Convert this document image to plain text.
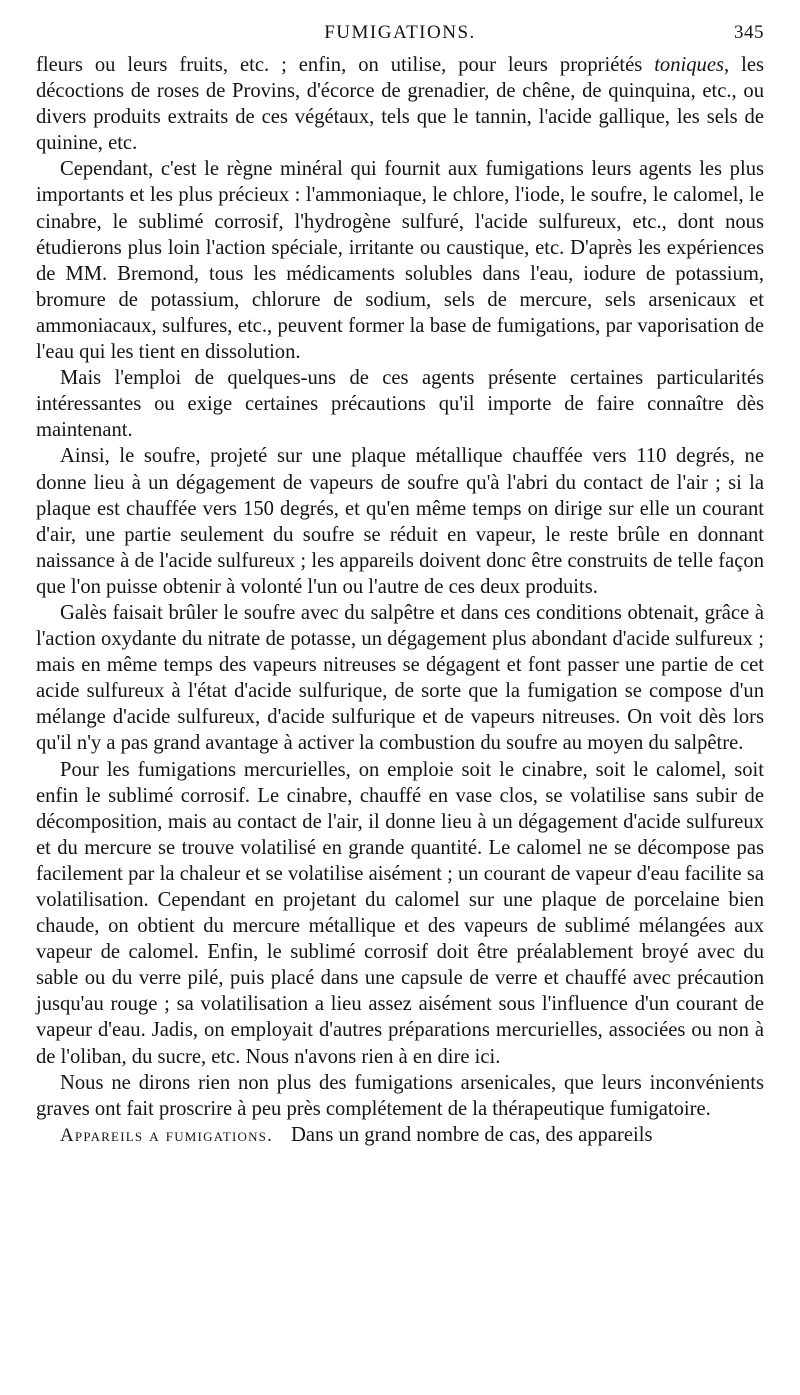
FUMIGATIONS.	345

fleurs ou leurs fruits, etc. ; enfin, on utilise, pour leurs propriétés toniques, les décoctions de roses de Provins, d'écorce de grenadier, de chêne, de quinquina, etc., ou divers produits extraits de ces végétaux, tels que le tannin, l'acide gallique, les sels de quinine, etc.

Cependant, c'est le règne minéral qui fournit aux fumigations leurs agents les plus importants et les plus précieux : l'ammoniaque, le chlore, l'iode, le soufre, le calomel, le cinabre, le sublimé corrosif, l'hydrogène sulfuré, l'acide sulfureux, etc., dont nous étudierons plus loin l'action spéciale, irritante ou caustique, etc. D'après les expériences de MM. Bremond, tous les médicaments solubles dans l'eau, iodure de potassium, bromure de potassium, chlorure de sodium, sels de mercure, sels arsenicaux et ammoniacaux, sulfures, etc., peuvent former la base de fumigations, par vaporisation de l'eau qui les tient en dissolution.

Mais l'emploi de quelques-uns de ces agents présente certaines particularités intéressantes ou exige certaines précautions qu'il importe de faire connaître dès maintenant.

Ainsi, le soufre, projeté sur une plaque métallique chauffée vers 110 degrés, ne donne lieu à un dégagement de vapeurs de soufre qu'à l'abri du contact de l'air ; si la plaque est chauffée vers 150 degrés, et qu'en même temps on dirige sur elle un courant d'air, une partie seulement du soufre se réduit en vapeur, le reste brûle en donnant naissance à de l'acide sulfureux ; les appareils doivent donc être construits de telle façon que l'on puisse obtenir à volonté l'un ou l'autre de ces deux produits.

Galès faisait brûler le soufre avec du salpêtre et dans ces conditions obtenait, grâce à l'action oxydante du nitrate de potasse, un dégagement plus abondant d'acide sulfureux ; mais en même temps des vapeurs nitreuses se dégagent et font passer une partie de cet acide sulfureux à l'état d'acide sulfurique, de sorte que la fumigation se compose d'un mélange d'acide sulfureux, d'acide sulfurique et de vapeurs nitreuses. On voit dès lors qu'il n'y a pas grand avantage à activer la combustion du soufre au moyen du salpêtre.

Pour les fumigations mercurielles, on emploie soit le cinabre, soit le calomel, soit enfin le sublimé corrosif. Le cinabre, chauffé en vase clos, se volatilise sans subir de décomposition, mais au contact de l'air, il donne lieu à un dégagement d'acide sulfureux et du mercure se trouve volatilisé en grande quantité. Le calomel ne se décompose pas facilement par la chaleur et se volatilise aisément ; un courant de vapeur d'eau facilite sa volatilisation. Cependant en projetant du calomel sur une plaque de porcelaine bien chaude, on obtient du mercure métallique et des vapeurs de sublimé mélangées aux vapeur de calomel. Enfin, le sublimé corrosif doit être préalablement broyé avec du sable ou du verre pilé, puis placé dans une capsule de verre et chauffé avec précaution jusqu'au rouge ; sa volatilisation a lieu assez aisément sous l'influence d'un courant de vapeur d'eau. Jadis, on employait d'autres préparations mercurielles, associées ou non à de l'oliban, du sucre, etc. Nous n'avons rien à en dire ici.

Nous ne dirons rien non plus des fumigations arsenicales, que leurs inconvénients graves ont fait proscrire à peu près complétement de la thérapeutique fumigatoire.

Appareils a fumigations. Dans un grand nombre de cas, des appareils
